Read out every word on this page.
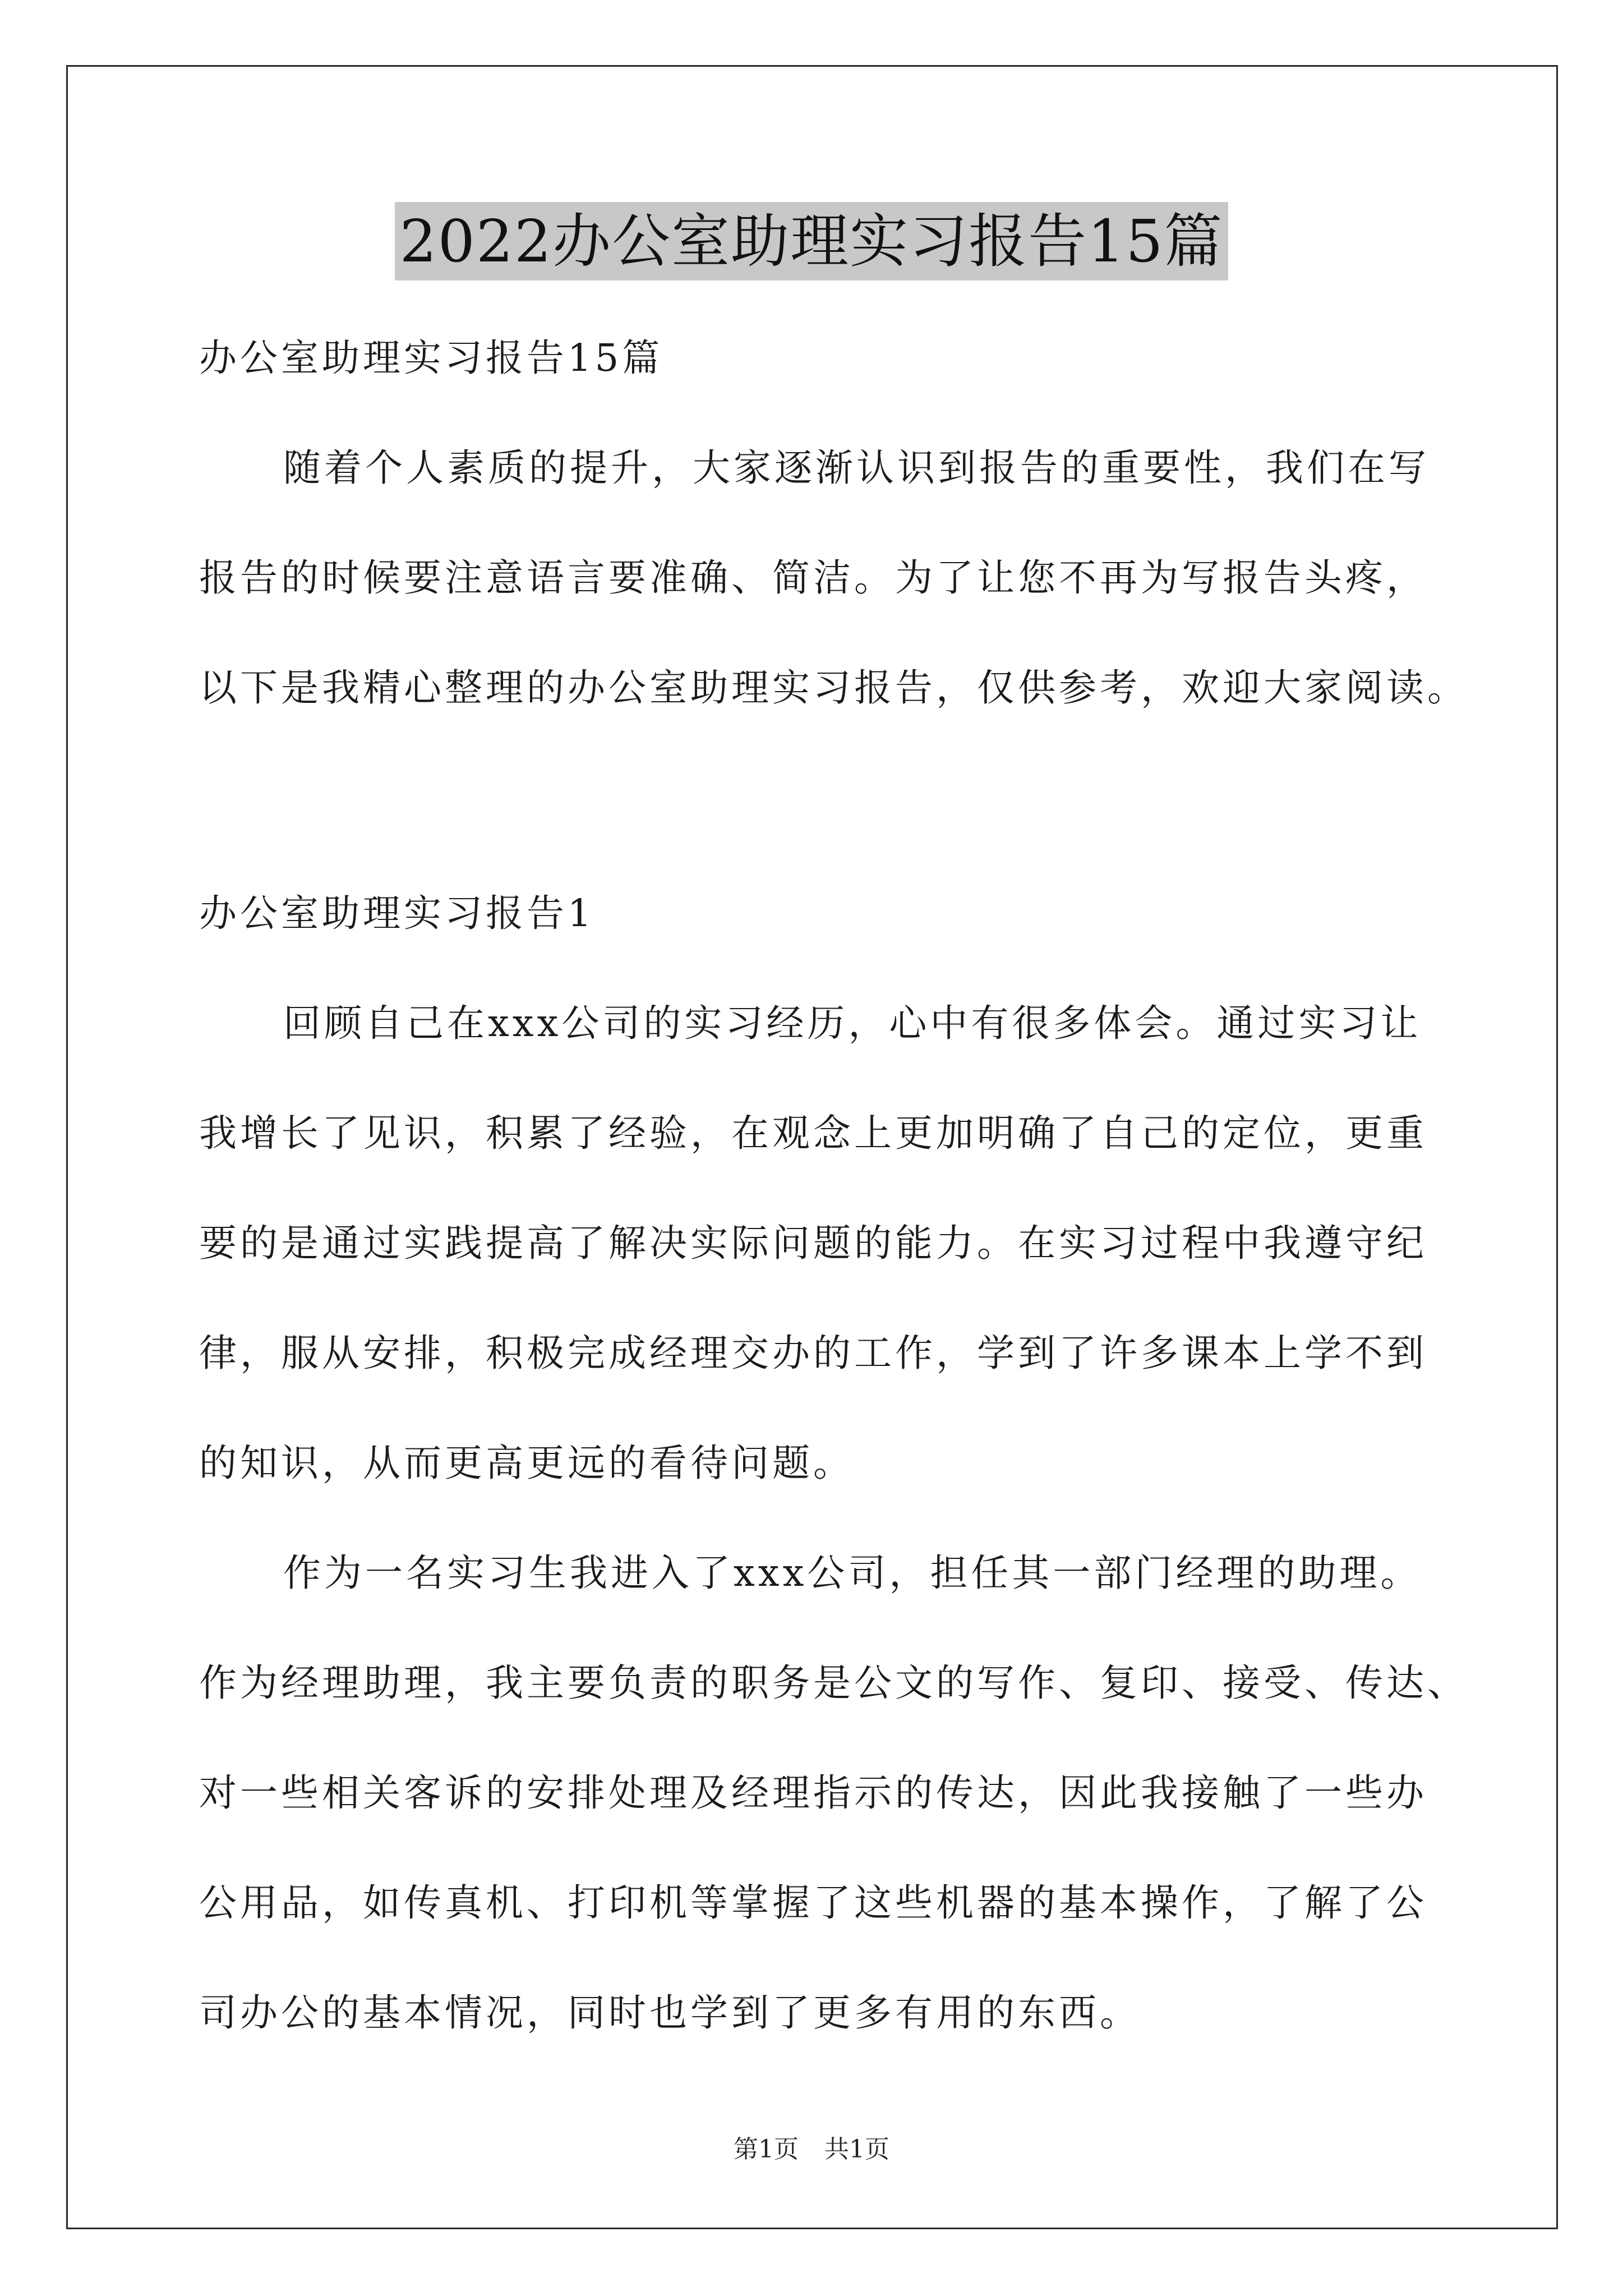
2022办公室助理实习报告15篇
办公室助理实习报告15篇
随着个人素质的提升，大家逐渐认识到报告的重要性，我们在写
报告的时候要注意语言要准确、简洁。为了让您不再为写报告头疼，
以下是我精心整理的办公室助理实习报告，仅供参考，欢迎大家阅读。
办公室助理实习报告1
回顾自己在xxx公司的实习经历，心中有很多体会。通过实习让
我增长了见识，积累了经验，在观念上更加明确了自己的定位，更重
要的是通过实践提高了解决实际问题的能力。在实习过程中我遵守纪
律，服从安排，积极完成经理交办的工作，学到了许多课本上学不到
的知识，从而更高更远的看待问题。
作为一名实习生我进入了xxx公司，担任其一部门经理的助理。
作为经理助理，我主要负责的职务是公文的写作、复印、接受、传达、
对一些相关客诉的安排处理及经理指示的传达，因此我接触了一些办
公用品，如传真机、打印机等掌握了这些机器的基本操作，了解了公
司办公的基本情况，同时也学到了更多有用的东西。
第1页 共1页
